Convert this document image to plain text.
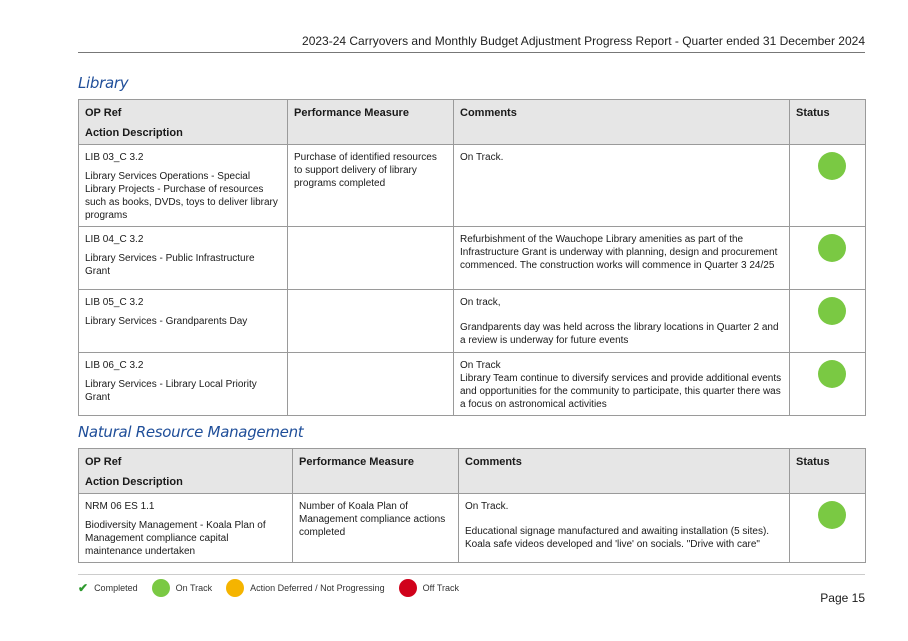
2023-24 Carryovers and Monthly Budget Adjustment Progress Report - Quarter ended 31 December 2024
Library
OP Ref
Action Description	Performance Measure	Comments	Status

LIB 03_C 3.2
Library Services Operations - Special Library Projects - Purchase of resources such as books, DVDs, toys to deliver library programs	Purchase of identified resources to support delivery of library programs completed	On Track.	

LIB 04_C 3.2
Library Services - Public Infrastructure Grant		Refurbishment of the Wauchope Library amenities as part of the Infrastructure Grant is underway with planning, design and procurement commenced. The construction works will commence in Quarter 3 24/25	

LIB 05_C 3.2
Library Services - Grandparents Day		On track,
Grandparents day was held across the library locations in Quarter 2 and a review is underway for future events	

LIB 06_C 3.2
Library Services - Library Local Priority Grant		On Track
Library Team continue to diversify services and provide additional events and opportunities for the community to participate, this quarter there was a focus on astronomical activities	
Natural Resource Management
OP Ref
Action Description	Performance Measure	Comments	Status

NRM 06 ES 1.1
Biodiversity Management - Koala Plan of Management compliance capital maintenance undertaken	Number of Koala Plan of Management compliance actions completed	On Track.
Educational signage manufactured and awaiting installation (5 sites). Koala safe videos developed and 'live' on socials. "Drive with care"	
✔ Completed	On Track	Action Deferred / Not Progressing	Off Track
Page 15
